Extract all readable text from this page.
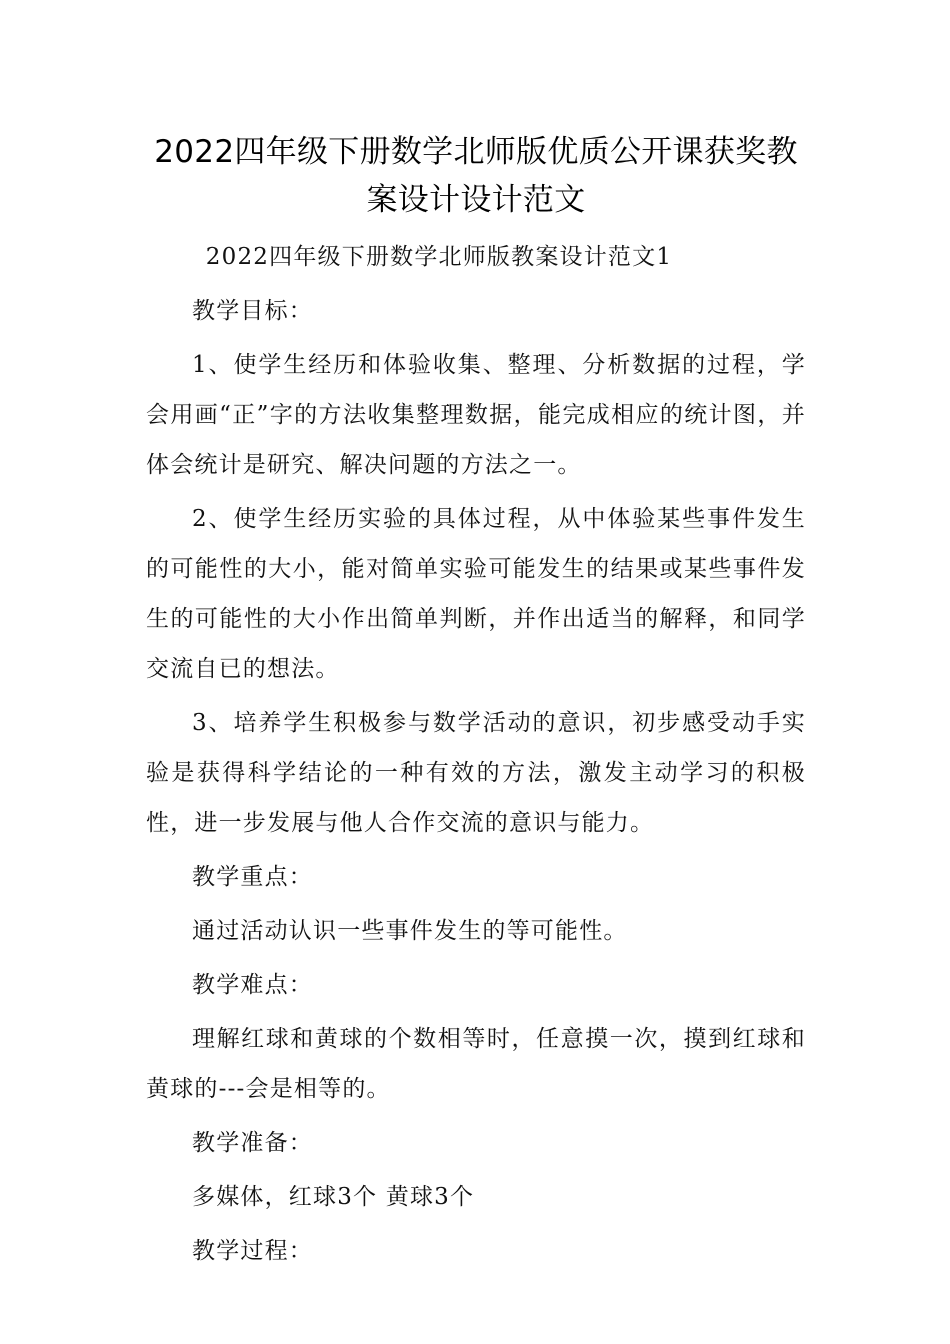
2022四年级下册数学北师版优质公开课获奖教案设计设计范文

2022四年级下册数学北师版教案设计范文1

教学目标：

1、使学生经历和体验收集、整理、分析数据的过程，学会用画“正”字的方法收集整理数据，能完成相应的统计图，并体会统计是研究、解决问题的方法之一。

2、使学生经历实验的具体过程，从中体验某些事件发生的可能性的大小，能对简单实验可能发生的结果或某些事件发生的可能性的大小作出简单判断，并作出适当的解释，和同学交流自已的想法。

3、培养学生积极参与数学活动的意识，初步感受动手实验是获得科学结论的一种有效的方法，激发主动学习的积极性，进一步发展与他人合作交流的意识与能力。

教学重点：

通过活动认识一些事件发生的等可能性。

教学难点：

理解红球和黄球的个数相等时，任意摸一次，摸到红球和黄球的---会是相等的。

教学准备：

多媒体，红球3个 黄球3个

教学过程：
